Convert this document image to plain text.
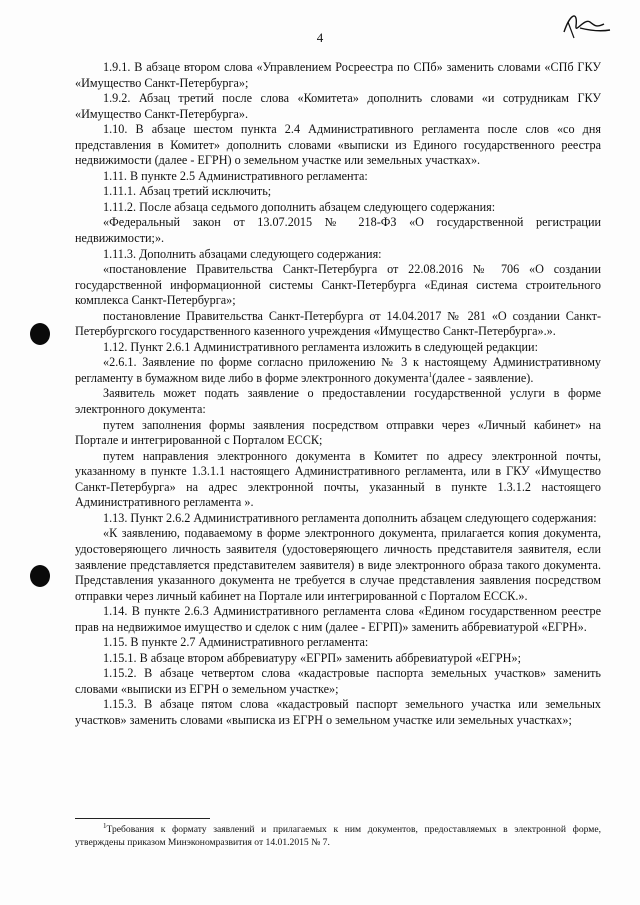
4

1.9.1. В абзаце втором слова «Управлением Росреестра по СПб» заменить словами «СПб ГКУ «Имущество Санкт-Петербурга»;

1.9.2. Абзац третий после слова «Комитета» дополнить словами «и сотрудникам ГКУ «Имущество Санкт-Петербурга».

1.10. В абзаце шестом пункта 2.4 Административного регламента после слов «со дня представления в Комитет» дополнить словами «выписки из Единого государственного реестра недвижимости (далее - ЕГРН) о земельном участке или земельных участках».

1.11. В пункте 2.5 Административного регламента:

1.11.1. Абзац третий исключить;

1.11.2. После абзаца седьмого дополнить абзацем следующего содержания:

«Федеральный закон от 13.07.2015 № 218-ФЗ «О государственной регистрации недвижимости;».

1.11.3. Дополнить абзацами следующего содержания:

«постановление Правительства Санкт-Петербурга от 22.08.2016 № 706 «О создании государственной информационной системы Санкт-Петербурга «Единая система строительного комплекса Санкт-Петербурга»;

постановление Правительства Санкт-Петербурга от 14.04.2017 № 281 «О создании Санкт-Петербургского государственного казенного учреждения «Имущество Санкт-Петербурга».».

1.12. Пункт 2.6.1 Административного регламента изложить в следующей редакции:

«2.6.1. Заявление по форме согласно приложению № 3 к настоящему Административному регламенту в бумажном виде либо в форме электронного документа$^1$(далее - заявление).

Заявитель может подать заявление о предоставлении государственной услуги в форме электронного документа:

путем заполнения формы заявления посредством отправки через «Личный кабинет» на Портале и интегрированной с Порталом ЕССК;

путем направления электронного документа в Комитет по адресу электронной почты, указанному в пункте 1.3.1.1 настоящего Административного регламента, или в ГКУ «Имущество Санкт-Петербурга» на адрес электронной почты, указанный в пункте 1.3.1.2 настоящего Административного регламента ».

1.13. Пункт 2.6.2 Административного регламента дополнить абзацем следующего содержания:

«К заявлению, подаваемому в форме электронного документа, прилагается копия документа, удостоверяющего личность заявителя (удостоверяющего личность представителя заявителя, если заявление представляется представителем заявителя) в виде электронного образа такого документа. Представления указанного документа не требуется в случае представления заявления посредством отправки через личный кабинет на Портале или интегрированной с Порталом ЕССК.».

1.14. В пункте 2.6.3 Административного регламента слова «Едином государственном реестре прав на недвижимое имущество и сделок с ним (далее - ЕГРП)» заменить аббревиатурой «ЕГРН».

1.15. В пункте 2.7 Административного регламента:

1.15.1. В абзаце втором аббревиатуру «ЕГРП» заменить аббревиатурой «ЕГРН»;

1.15.2. В абзаце четвертом слова «кадастровые паспорта земельных участков» заменить словами «выписки из ЕГРН о земельном участке»;

1.15.3. В абзаце пятом слова «кадастровый паспорт земельного участка или земельных участков» заменить словами «выписка из ЕГРН о земельном участке или земельных участках»;

$^1$Требования к формату заявлений и прилагаемых к ним документов, предоставляемых в электронной форме, утверждены приказом Минэкономразвития от 14.01.2015 № 7.
